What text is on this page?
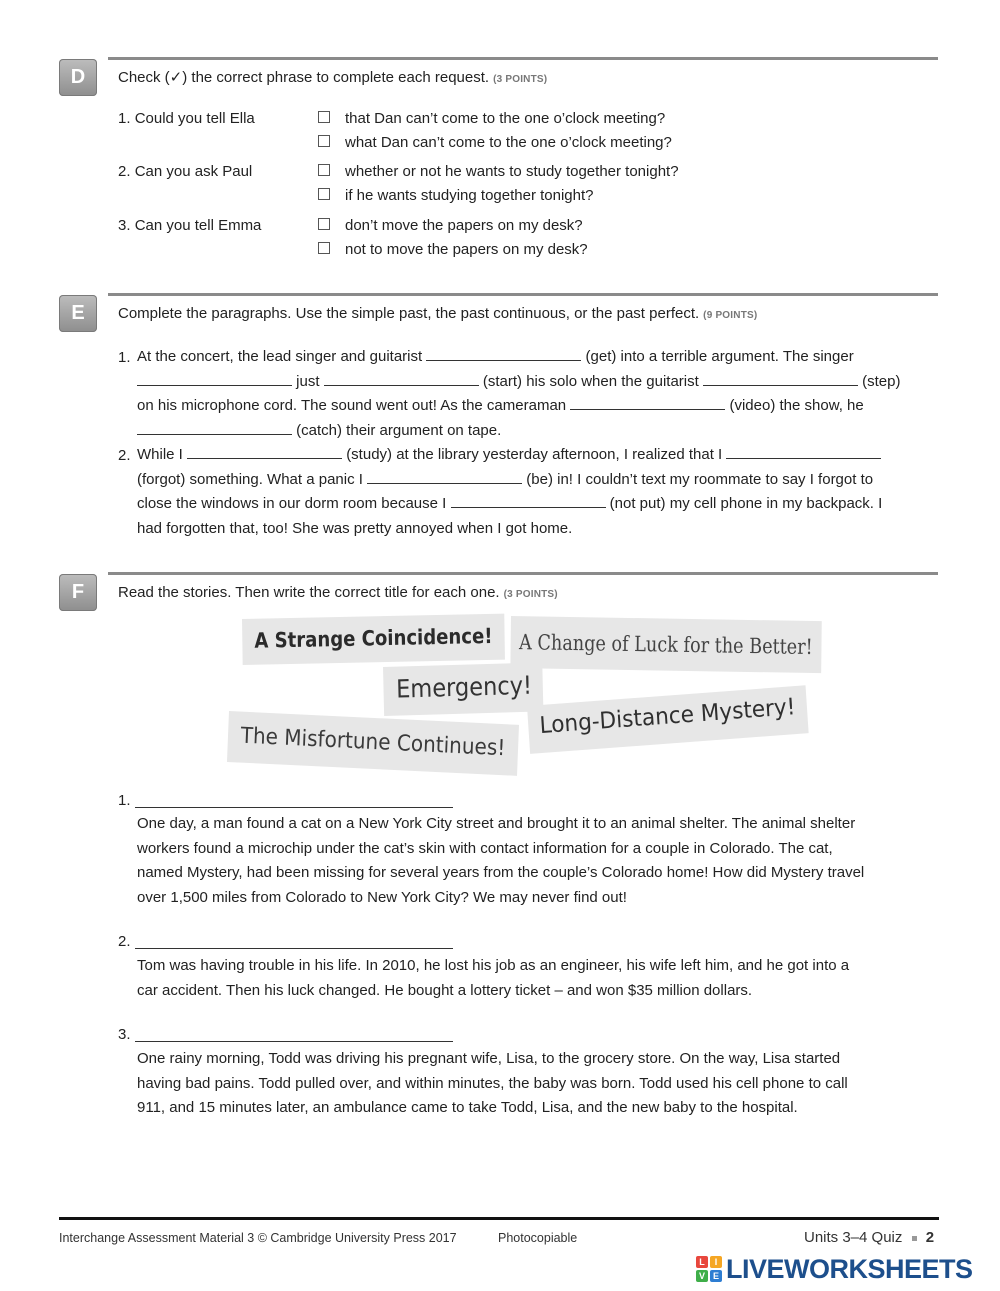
D	Check (✓) the correct phrase to complete each request. (3 POINTS)
1. Could you tell Ella	that Dan can’t come to the one o’clock meeting?
what Dan can’t come to the one o’clock meeting?
2. Can you ask Paul	whether or not he wants to study together tonight?
if he wants studying together tonight?
3. Can you tell Emma	don’t move the papers on my desk?
not to move the papers on my desk?
E	Complete the paragraphs. Use the simple past, the past continuous, or the past perfect. (9 POINTS)
1. At the concert, the lead singer and guitarist	(get) into a terrible argument. The singer
just	(start) his solo when the guitarist	(step)
on his microphone cord. The sound went out! As the cameraman	(video) the show, he
(catch) their argument on tape.
2. While I	(study) at the library yesterday afternoon, I realized that I
(forgot) something. What a panic I	(be) in! I couldn’t text my roommate to say I forgot to
close the windows in our dorm room because I	(not put) my cell phone in my backpack. I
had forgotten that, too! She was pretty annoyed when I got home.
F	Read the stories. Then write the correct title for each one. (3 POINTS)
A Strange Coincidence!	A Change of Luck for the Better!
Emergency!
The Misfortune Continues!
Long-Distance Mystery!
1.
One day, a man found a cat on a New York City street and brought it to an animal shelter. The animal shelter
workers found a microchip under the cat’s skin with contact information for a couple in Colorado. The cat,
named Mystery, had been missing for several years from the couple’s Colorado home! How did Mystery travel
over 1,500 miles from Colorado to New York City? We may never find out!
2.
Tom was having trouble in his life. In 2010, he lost his job as an engineer, his wife left him, and he got into a
car accident. Then his luck changed. He bought a lottery ticket – and won $35 million dollars.
3.
One rainy morning, Todd was driving his pregnant wife, Lisa, to the grocery store. On the way, Lisa started
having bad pains. Todd pulled over, and within minutes, the baby was born. Todd used his cell phone to call
911, and 15 minutes later, an ambulance came to take Todd, Lisa, and the new baby to the hospital.
Interchange Assessment Material 3 © Cambridge University Press 2017	Photocopiable	Units 3–4 Quiz 2
L	I
V E LIVEWORKSHEETS
